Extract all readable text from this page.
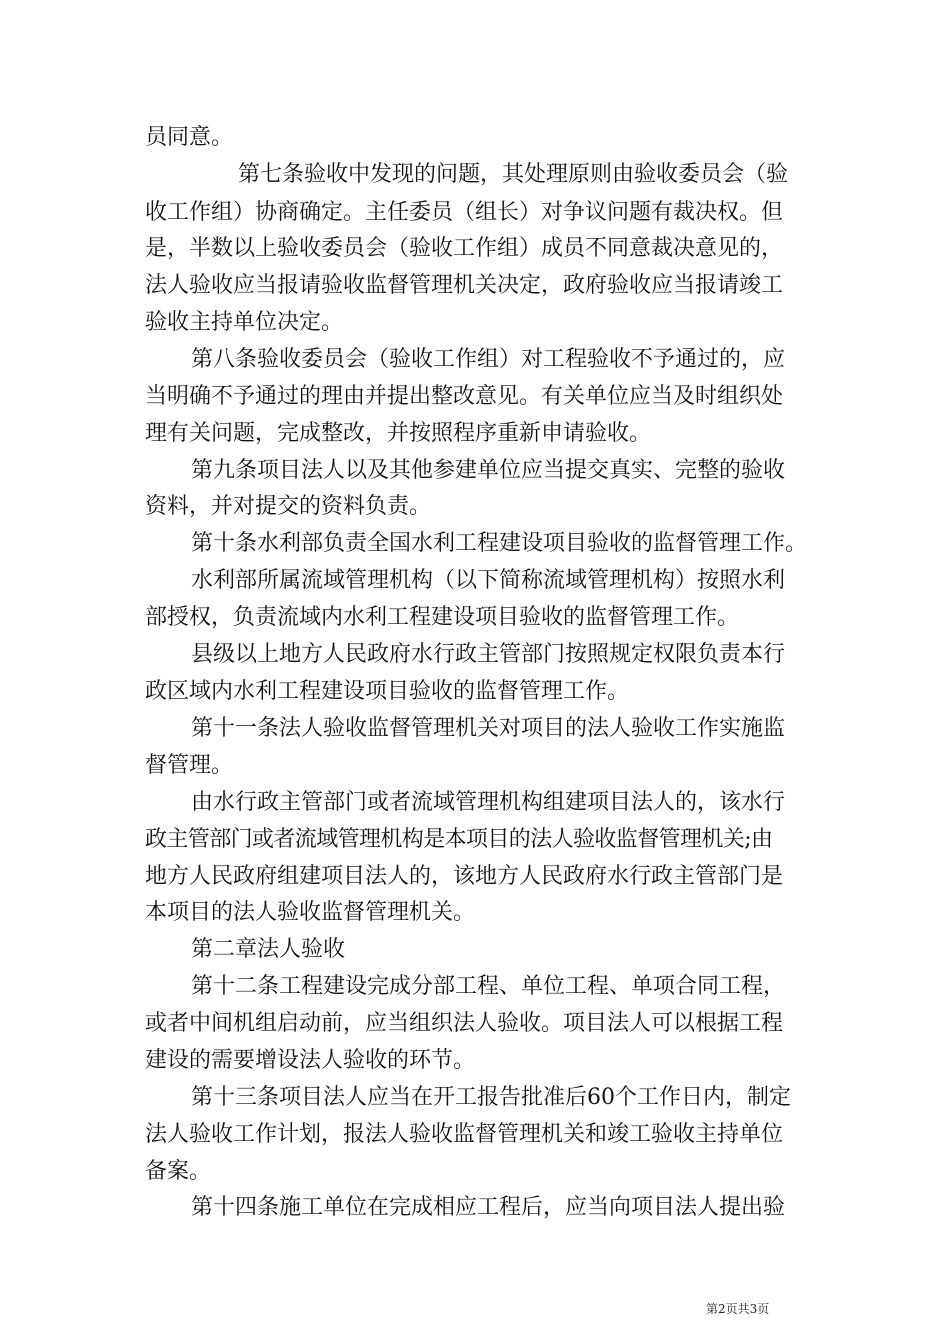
员同意。

第七条验收中发现的问题，其处理原则由验收委员会（验

收工作组）协商确定。主任委员（组长）对争议问题有裁决权。但

是，半数以上验收委员会（验收工作组）成员不同意裁决意见的，

法人验收应当报请验收监督管理机关决定，政府验收应当报请竣工

验收主持单位决定。

第八条验收委员会（验收工作组）对工程验收不予通过的，应

当明确不予通过的理由并提出整改意见。有关单位应当及时组织处

理有关问题，完成整改，并按照程序重新申请验收。

第九条项目法人以及其他参建单位应当提交真实、完整的验收

资料，并对提交的资料负责。

第十条水利部负责全国水利工程建设项目验收的监督管理工作。

水利部所属流域管理机构（以下简称流域管理机构）按照水利

部授权，负责流域内水利工程建设项目验收的监督管理工作。

县级以上地方人民政府水行政主管部门按照规定权限负责本行

政区域内水利工程建设项目验收的监督管理工作。

第十一条法人验收监督管理机关对项目的法人验收工作实施监

督管理。

由水行政主管部门或者流域管理机构组建项目法人的，该水行

政主管部门或者流域管理机构是本项目的法人验收监督管理机关;由

地方人民政府组建项目法人的，该地方人民政府水行政主管部门是

本项目的法人验收监督管理机关。

第二章法人验收

第十二条工程建设完成分部工程、单位工程、单项合同工程，

或者中间机组启动前，应当组织法人验收。项目法人可以根据工程

建设的需要增设法人验收的环节。

第十三条项目法人应当在开工报告批准后60个工作日内，制定

法人验收工作计划，报法人验收监督管理机关和竣工验收主持单位

备案。

第十四条施工单位在完成相应工程后，应当向项目法人提出验

第2页共3页
